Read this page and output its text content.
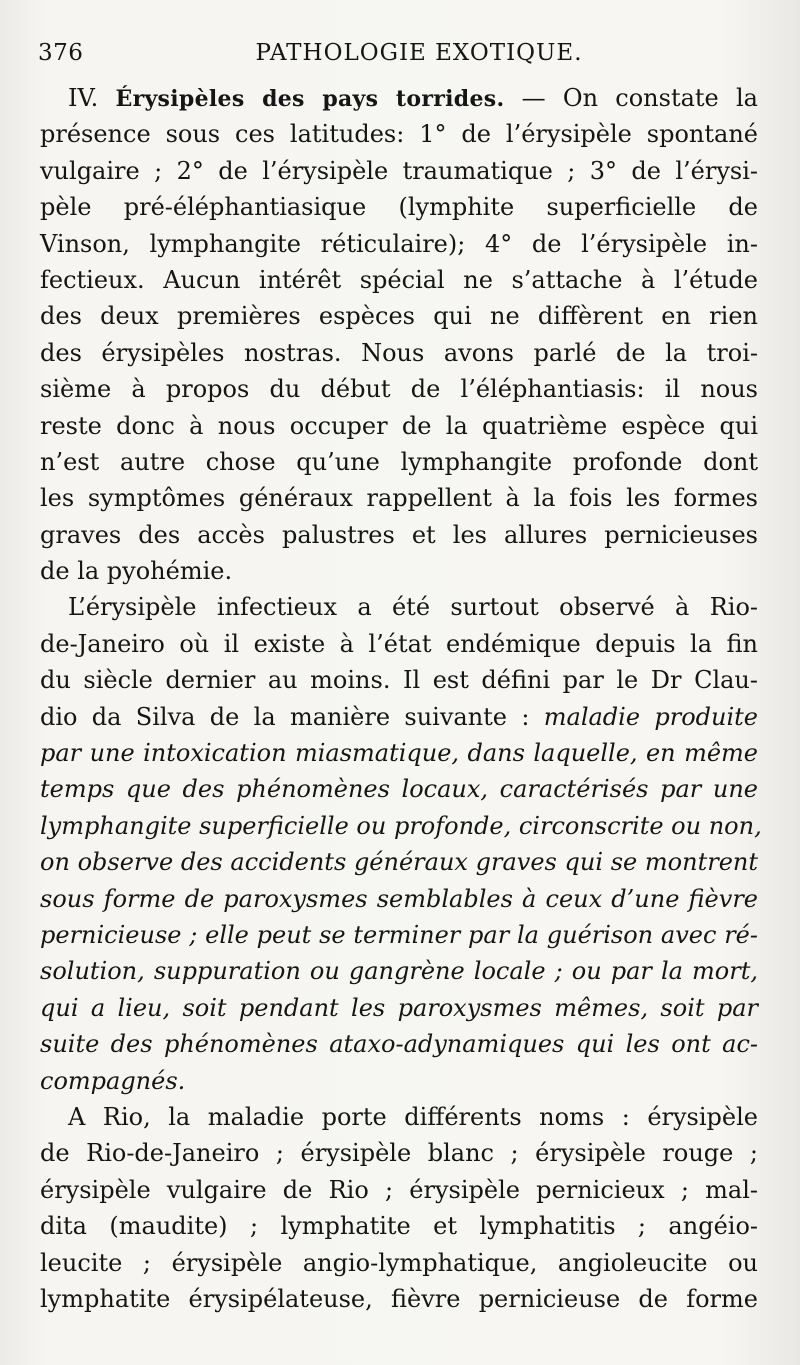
376	PATHOLOGIE EXOTIQUE.
IV. Érysipèles des pays torrides. — On constate la
présence sous ces latitudes: 1° de l’érysipèle spontané
vulgaire ; 2° de l’érysipèle traumatique ; 3° de l’érysi-
pèle pré-éléphantiasique (lymphite superficielle de
Vinson, lymphangite réticulaire); 4° de l’érysipèle in-
fectieux. Aucun intérêt spécial ne s’attache à l’étude
des deux premières espèces qui ne diffèrent en rien
des érysipèles nostras. Nous avons parlé de la troi-
sième à propos du début de l’éléphantiasis: il nous
reste donc à nous occuper de la quatrième espèce qui
n’est autre chose qu’une lymphangite profonde dont
les symptômes généraux rappellent à la fois les formes
graves des accès palustres et les allures pernicieuses
de la pyohémie.
L’érysipèle infectieux a été surtout observé à Rio-
de-Janeiro où il existe à l’état endémique depuis la fin
du siècle dernier au moins. Il est défini par le Dr Clau-
dio da Silva de la manière suivante : maladie produite
par une intoxication miasmatique, dans laquelle, en même
temps que des phénomènes locaux, caractérisés par une
lymphangite superficielle ou profonde, circonscrite ou non,
on observe des accidents généraux graves qui se montrent
sous forme de paroxysmes semblables à ceux d’une fièvre
pernicieuse ; elle peut se terminer par la guérison avec ré-
solution, suppuration ou gangrène locale ; ou par la mort,
qui a lieu, soit pendant les paroxysmes mêmes, soit par
suite des phénomènes ataxo-adynamiques qui les ont ac-
compagnés.
A Rio, la maladie porte différents noms : érysipèle
de Rio-de-Janeiro ; érysipèle blanc ; érysipèle rouge ;
érysipèle vulgaire de Rio ; érysipèle pernicieux ; mal-
dita (maudite) ; lymphatite et lymphatitis ; angéio-
leucite ; érysipèle angio-lymphatique, angioleucite ou
lymphatite érysipélateuse, fièvre pernicieuse de forme
